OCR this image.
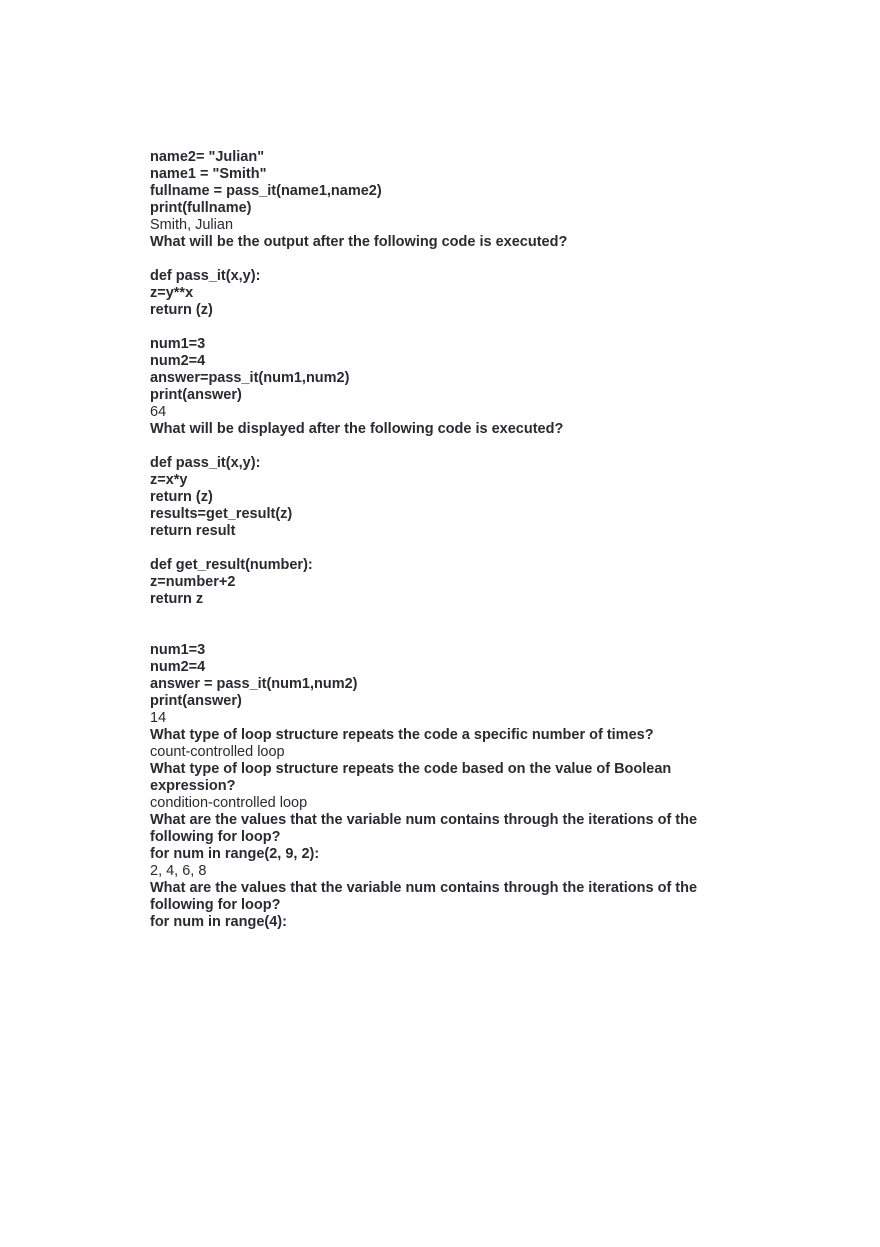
name2= "Julian"
name1 = "Smith"
fullname = pass_it(name1,name2)
print(fullname)
Smith, Julian
What will be the output after the following code is executed?
def pass_it(x,y):
z=y**x
return (z)
num1=3
num2=4
answer=pass_it(num1,num2)
print(answer)
64
What will be displayed after the following code is executed?
def pass_it(x,y):
z=x*y
return (z)
results=get_result(z)
return result
def get_result(number):
z=number+2
return z
num1=3
num2=4
answer = pass_it(num1,num2)
print(answer)
14
What type of loop structure repeats the code a specific number of times?
count-controlled loop
What type of loop structure repeats the code based on the value of Boolean
expression?
condition-controlled loop
What are the values that the variable num contains through the iterations of the
following for loop?
for num in range(2, 9, 2):
2, 4, 6, 8
What are the values that the variable num contains through the iterations of the
following for loop?
for num in range(4):
